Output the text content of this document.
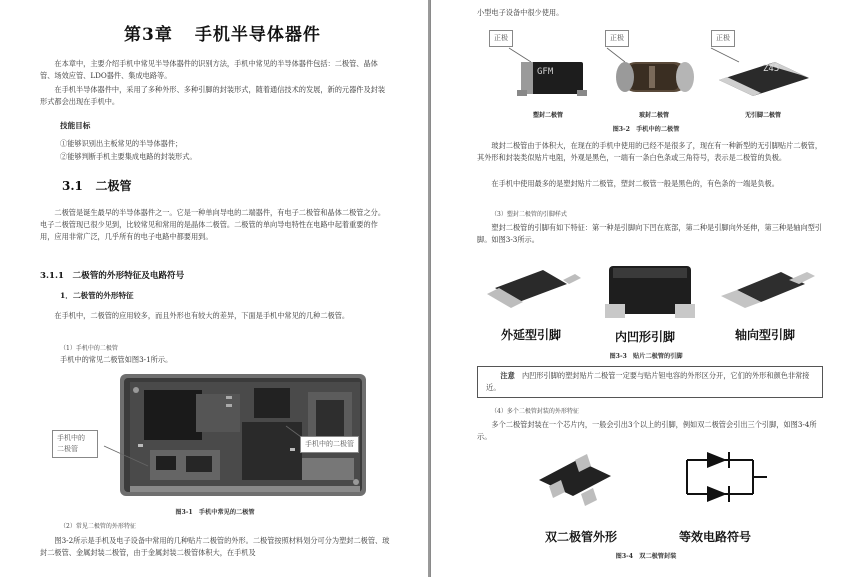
第3章 手机半导体器件

在本章中，主要介绍手机中常见半导体器件的识别方法，手机中常见的半导体器件包括：二极管、晶体管、场效应管、LDO器件、集成电路等。

在手机半导体器件中，采用了多种外形、多种引脚的封装形式，随着通信技术的发展，新的元器件及封装形式都会出现在手机中。

技能目标

①能够识别出主板常见的半导体器件；

②能够判断手机主要集成电路的封装形式。

3.1 二极管

二极管是诞生最早的半导体器件之一。它是一种单向导电的二端器件，有电子二极管和晶体二极管之分。电子二极管现已很少见到，比较常见和常用的是晶体二极管。二极管的单向导电特性在电路中起着重要的作用，应用非常广泛，几乎所有的电子电路中都要用到。

3.1.1　二极管的外形特征及电路符号
1．二极管的外形特征

在手机中，二极管的应用较多，而且外形也有较大的差异，下面是手机中常见的几种二极管。

（1）手机中的二极管

手机中的常见二极管如图3-1所示。

手机中的
二极管
手机中的二极管
图3-1　手机中常见的二极管
（2）常见二极管的外形特征

图3-2所示是手机及电子设备中常用的几种贴片二极管的外形。二极管按照材料划分可分为塑封二极管、玻封二极管、金属封装二极管，由于金属封装二极管体积大，在手机及

小型电子设备中很少使用。

正极	正极	正极
GFM	Z45
塑封二极管	玻封二极管	无引脚二极管
图3-2　手机中的二极管

玻封二极管由于体积大，在现在的手机中使用的已经不是很多了，现在有一种新型的无引脚贴片二极管，其外形和封装类似贴片电阻，外观是黑色，一端有一条白色条或三角符号，表示是二极管的负极。

在手机中使用最多的是塑封贴片二极管，塑封二极管一般是黑色的，有色条的一端是负极。

（3）塑封二极管的引脚样式

塑封二极管的引脚有如下特征：第一种是引脚向下凹在底部，第二种是引脚向外延伸，第三种是轴向型引脚。如图3-3所示。

外延型引脚	内凹形引脚	轴向型引脚
图3-3　贴片二极管的引脚

注意　 内凹形引脚的塑封贴片二极管一定要与贴片钽电容的外形区分开，它们的外形和颜色非常接近。

（4）多个二极管封装的外形特征

多个二极管封装在一个芯片内，一般会引出3个以上的引脚，例如双二极管会引出三个引脚，如图3-4所示。

双二极管外形	等效电路符号
图3-4　双二极管封装
